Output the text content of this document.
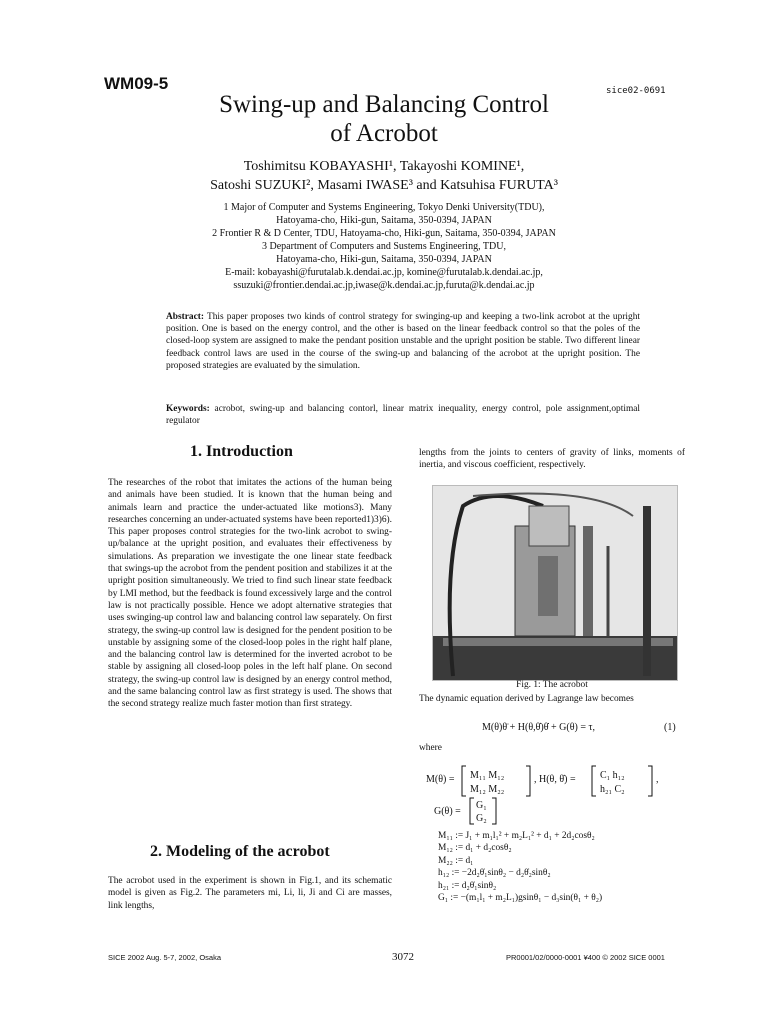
WM09-5	sice02-0691
Swing-up and Balancing Control
of Acrobot
Toshimitsu KOBAYASHI¹, Takayoshi KOMINE¹,
Satoshi SUZUKI², Masami IWASE³ and Katsuhisa FURUTA³
1 Major of Computer and Systems Engineering, Tokyo Denki University(TDU),
Hatoyama-cho, Hiki-gun, Saitama, 350-0394, JAPAN
2 Frontier R & D Center, TDU, Hatoyama-cho, Hiki-gun, Saitama, 350-0394, JAPAN
3 Department of Computers and Sustems Engineering, TDU,
Hatoyama-cho, Hiki-gun, Saitama, 350-0394, JAPAN
E-mail: kobayashi@furutalab.k.dendai.ac.jp, komine@furutalab.k.dendai.ac.jp,
ssuzuki@frontier.dendai.ac.jp,iwase@k.dendai.ac.jp,furuta@k.dendai.ac.jp
Abstract: This paper proposes two kinds of control strategy for swinging-up and keeping a two-link acrobot at the upright position. One is based on the energy control, and the other is based on the linear feedback control so that the poles of the closed-loop system are assigned to make the pendant position unstable and the upright position be stable. Two different linear feedback control laws are used in the course of the swing-up and balancing of the acrobot at the upright position. The proposed strategies are evaluated by the simulation.
Keywords: acrobot, swing-up and balancing contorl, linear matrix inequality, energy control, pole assignment,optimal regulator
1. Introduction
The researches of the robot that imitates the actions of the human being and animals have been studied. It is known that the human being and animals learn and practice the under-actuated like motions3). Many researches concerning an under-actuated systems have been reported1)3)6). This paper proposes control strategies for the two-link acrobot to swing-up/balance at the upright position, and evaluates their effectiveness by simulations. As preparation we investigate the one linear state feedback that swings-up the acrobot from the pendent position and stabilizes it at the upright position simultaneously. We tried to find such linear state feedback by LMI method, but the feedback is found excessively large and the control law is not practically possible. Hence we adopt alternative strategies that uses swinging-up control law and balancing control law separately. On first strategy, the swing-up control law is designed for the pendent position to be unstable by assigning some of the closed-loop poles in the right half plane, and the balancing control law is determined for the inverted acrobot to be stable by assigning all closed-loop poles in the left half plane. On second strategy, the swing-up control law is designed by an energy control method, and the same balancing control law as first strategy is used. The shows that the second strategy realize much faster motion than first strategy.
2. Modeling of the acrobot
The acrobot used in the experiment is shown in Fig.1, and its schematic model is given as Fig.2. The parameters mi, Li, li, Ji and Ci are masses, link lengths,
lengths from the joints to centers of gravity of links, moments of inertia, and viscous coefficient, respectively.
Fig. 1: The acrobot
The dynamic equation derived by Lagrange law becomes
M(θ)θ̈ + H(θ,θ̇)θ̇ + G(θ) = τ,	(1)
where
M(θ) = M₁₁ M₁₂
M₁₂ M₂₂
, H(θ, θ̇) = C₁ h₁₂
h₂₁ C₂
,
G(θ) =
G₁
G₂
M₁₁ := J₁ + m₁l₁² + m₂L₁² + d₁ + 2d₂cosθ₂
M₁₂ := d₁ + d₂cosθ₂
M₂₂ := d₁
h₁₂ := −2d₂θ̇₁sinθ₂ − d₂θ̇₂sinθ₂
h₂₁ := d₂θ̇₁sinθ₂
G₁ := −(m₁l₁ + m₂L₁)gsinθ₁ − d₃sin(θ₁ + θ₂)
SICE 2002 Aug. 5-7, 2002, Osaka	3072	PR0001/02/0000-0001 ¥400 © 2002 SICE 0001
